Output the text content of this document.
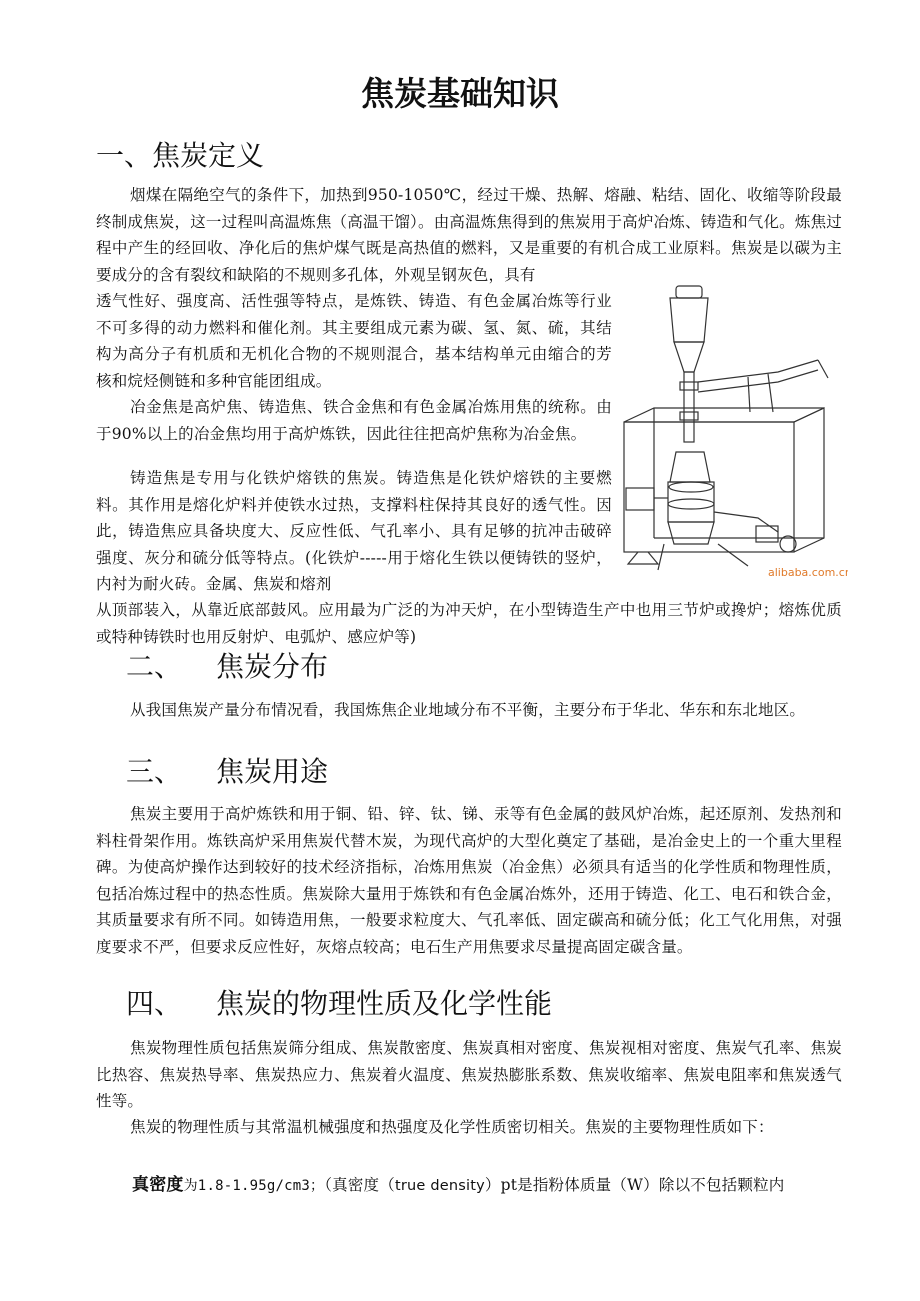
焦炭基础知识
一、焦炭定义

烟煤在隔绝空气的条件下，加热到950-1050℃，经过干燥、热解、熔融、粘结、固化、收缩等阶段最终制成焦炭，这一过程叫高温炼焦（高温干馏）。由高温炼焦得到的焦炭用于高炉冶炼、铸造和气化。炼焦过程中产生的经回收、净化后的焦炉煤气既是高热值的燃料，又是重要的有机合成工业原料。焦炭是以碳为主要成分的含有裂纹和缺陷的不规则多孔体，外观呈钢灰色，具有

透气性好、强度高、活性强等特点，是炼铁、铸造、有色金属冶炼等行业不可多得的动力燃料和催化剂。其主要组成元素为碳、氢、氮、硫，其结构为高分子有机质和无机化合物的不规则混合，基本结构单元由缩合的芳核和烷烃侧链和多种官能团组成。

冶金焦是高炉焦、铸造焦、铁合金焦和有色金属冶炼用焦的统称。由于90%以上的冶金焦均用于高炉炼铁，因此往往把高炉焦称为冶金焦。

铸造焦是专用与化铁炉熔铁的焦炭。铸造焦是化铁炉熔铁的主要燃料。其作用是熔化炉料并使铁水过热，支撑料柱保持其良好的透气性。因此，铸造焦应具备块度大、反应性低、气孔率小、具有足够的抗冲击破碎强度、灰分和硫分低等特点。(化铁炉-----用于熔化生铁以便铸铁的竖炉，内衬为耐火砖。金属、焦炭和熔剂

从顶部装入，从靠近底部鼓风。应用最为广泛的为冲天炉，在小型铸造生产中也用三节炉或搀炉；熔炼优质或特种铸铁时也用反射炉、电弧炉、感应炉等)

alibaba.com.cn
二、 焦炭分布

从我国焦炭产量分布情况看，我国炼焦企业地域分布不平衡，主要分布于华北、华东和东北地区。

三、 焦炭用途

焦炭主要用于高炉炼铁和用于铜、铅、锌、钛、锑、汞等有色金属的鼓风炉冶炼，起还原剂、发热剂和料柱骨架作用。炼铁高炉采用焦炭代替木炭，为现代高炉的大型化奠定了基础，是冶金史上的一个重大里程碑。为使高炉操作达到较好的技术经济指标，冶炼用焦炭（冶金焦）必须具有适当的化学性质和物理性质，包括冶炼过程中的热态性质。焦炭除大量用于炼铁和有色金属冶炼外，还用于铸造、化工、电石和铁合金，其质量要求有所不同。如铸造用焦，一般要求粒度大、气孔率低、固定碳高和硫分低；化工气化用焦，对强度要求不严，但要求反应性好，灰熔点较高；电石生产用焦要求尽量提高固定碳含量。

四、 焦炭的物理性质及化学性能

焦炭物理性质包括焦炭筛分组成、焦炭散密度、焦炭真相对密度、焦炭视相对密度、焦炭气孔率、焦炭比热容、焦炭热导率、焦炭热应力、焦炭着火温度、焦炭热膨胀系数、焦炭收缩率、焦炭电阻率和焦炭透气性等。

焦炭的物理性质与其常温机械强度和热强度及化学性质密切相关。焦炭的主要物理性质如下：

真密度为1.8-1.95g/cm3；（真密度（true density）pt是指粉体质量（W）除以不包括颗粒内
